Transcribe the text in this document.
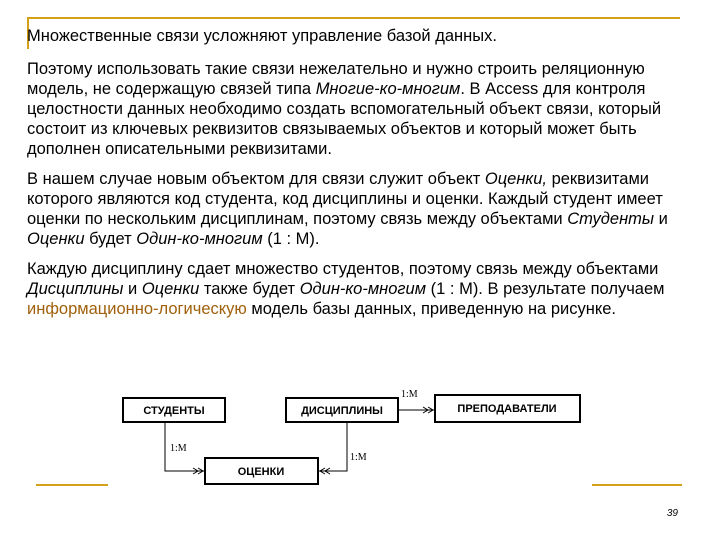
Множественные связи усложняют управление базой данных.

Поэтому использовать такие связи нежелательно и нужно строить реляционную модель, не содержащую связей типа Многие-ко-многим. В Access для контроля целостности данных необходимо создать вспомогательный объект связи, который состоит из ключевых реквизитов связываемых объектов и который может быть дополнен описательными реквизитами.

В нашем случае новым объектом для связи служит объект Оценки, реквизитами которого являются код студента, код дисциплины и оценки. Каждый студент имеет оценки по нескольким дисциплинам, поэтому связь между объектами Студенты и Оценки будет Один-ко-многим (1 : М).

Каждую дисциплину сдает множество студентов, поэтому связь между объектами Дисциплины и Оценки также будет Один-ко-многим (1 : М). В результате получаем информационно-логическую модель базы данных, приведенную на рисунке.

СТУДЕНТЫ	ДИСЦИПЛИНЫ	ПРЕПОДАВАТЕЛИ
ОЦЕНКИ
1:M
1:M
1:M
39
